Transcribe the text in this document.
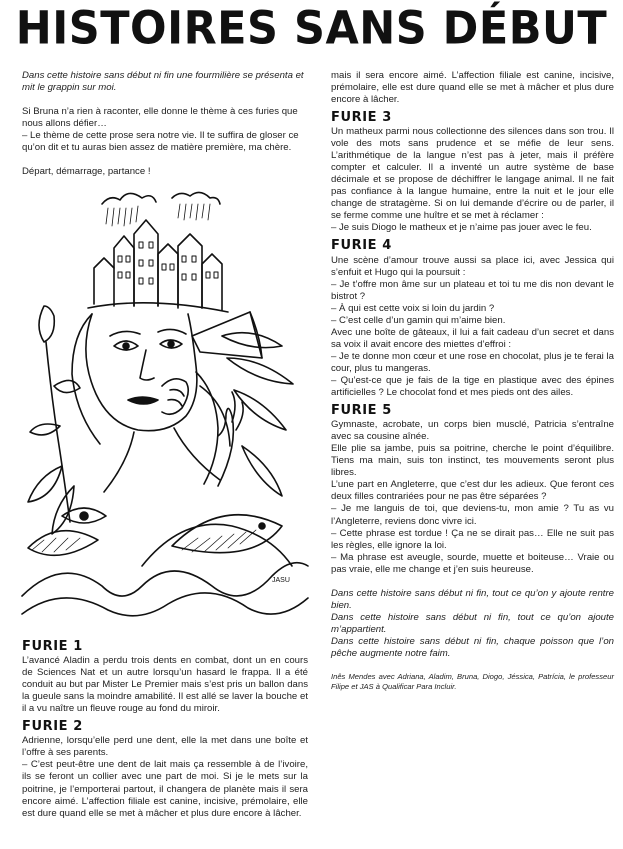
HISTOIRES SANS DÉBUT

Dans cette histoire sans début ni fin une fourmilière se présenta et mit le grappin sur moi.

Si Bruna n’a rien à raconter, elle donne le thème à ces furies que nous allons défier…

– Le thème de cette prose sera notre vie. Il te suffira de gloser ce qu’on dit et tu auras bien assez de matière première, ma chère.

Départ, démarrage, partance !

JASU

FURIE 1

L’avancé Aladin a perdu trois dents en combat, dont un en cours de Sciences Nat et un autre lorsqu’un hasard le frappa. Il a été conduit au but par Mister Le Premier mais s’est pris un ballon dans la gueule sans la moindre amabilité. Il est allé se laver la bouche et il a vu naître un fleuve rouge au fond du miroir.

FURIE 2

Adrienne, lorsqu’elle perd une dent, elle la met dans une boîte et l’offre à ses parents.

– C’est peut-être une dent de lait mais ça ressemble à de l’ivoire, ils se feront un collier avec une part de moi. Si je le mets sur la poitrine, je l’emporterai partout, il changera de planète mais il sera encore aimé. L’affection filiale est canine, incisive, prémolaire, elle est dure quand elle se met à mâcher et plus dure encore à lâcher.

mais il sera encore aimé. L’affection filiale est canine, incisive, prémolaire, elle est dure quand elle se met à mâcher et plus dure encore à lâcher.

FURIE 3

Un matheux parmi nous collectionne des silences dans son trou. Il vole des mots sans prudence et se méfie de leur sens. L’arithmétique de la langue n’est pas à jeter, mais il préfère compter et calculer. Il a inventé un autre système de base décimale et se propose de déchiffrer le langage animal. Il ne fait pas confiance à la langue humaine, entre la nuit et le jour elle change de stratagème. Si on lui demande d’écrire ou de parler, il se ferme comme une huître et se met à réclamer :

– Je suis Diogo le matheux et je n’aime pas jouer avec le feu.

FURIE 4

Une scène d’amour trouve aussi sa place ici, avec Jessica qui s’enfuit et Hugo qui la poursuit :

– Je t’offre mon âme sur un plateau et toi tu me dis non devant le bistrot ?

– À qui est cette voix si loin du jardin ?

– C’est celle d’un gamin qui m’aime bien.

Avec une boîte de gâteaux, il lui a fait cadeau d’un secret et dans sa voix il avait encore des miettes d’effroi :

– Je te donne mon cœur et une rose en chocolat, plus je te ferai la cour, plus tu mangeras.

– Qu’est-ce que je fais de la tige en plastique avec des épines artificielles ? Le chocolat fond et mes pieds ont des ailes.

FURIE 5

Gymnaste, acrobate, un corps bien musclé, Patricia s’entraîne avec sa cousine aînée.

Elle plie sa jambe, puis sa poitrine, cherche le point d’équilibre. Tiens ma main, suis ton instinct, tes mouvements seront plus libres.

L’une part en Angleterre, que c’est dur les adieux. Que feront ces deux filles contrariées pour ne pas être séparées ?

– Je me languis de toi, que deviens-tu, mon amie ? Tu as vu l’Angleterre, reviens donc vivre ici.

– Cette phrase est tordue ! Ça ne se dirait pas… Elle ne suit pas les règles, elle ignore la loi.

– Ma phrase est aveugle, sourde, muette et boiteuse… Vraie ou pas vraie, elle me change et j’en suis heureuse.

Dans cette histoire sans début ni fin, tout ce qu’on y ajoute rentre bien.

Dans cette histoire sans début ni fin, tout ce qu’on ajoute m’appartient.

Dans cette histoire sans début ni fin, chaque poisson que l’on pêche augmente notre faim.

Inês Mendes avec Adriana, Aladim, Bruna, Diogo, Jéssica, Patrícia, le professeur Filipe et JAS à Qualificar Para Incluir.
